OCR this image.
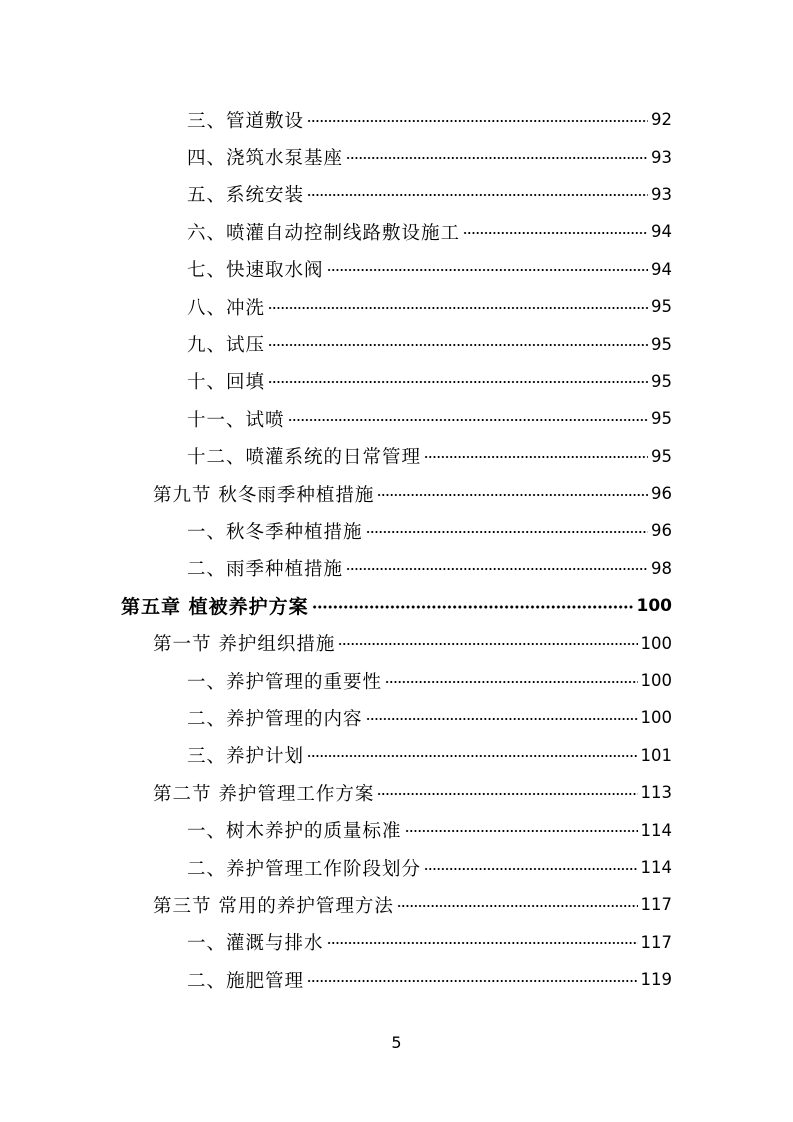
三、管道敷设	92
四、浇筑水泵基座	93
五、系统安装	93
六、喷灌自动控制线路敷设施工	94
七、快速取水阀	94
八、冲洗	95
九、试压	95
十、回填	95
十一、试喷	95
十二、喷灌系统的日常管理	95
第九节 秋冬雨季种植措施	96
一、秋冬季种植措施	96
二、雨季种植措施	98
第五章 植被养护方案	100
第一节 养护组织措施	100
一、养护管理的重要性	100
二、养护管理的内容	100
三、养护计划	101
第二节 养护管理工作方案	113
一、树木养护的质量标准	114
二、养护管理工作阶段划分	114
第三节 常用的养护管理方法	117
一、灌溉与排水	117
二、施肥管理	119
5
